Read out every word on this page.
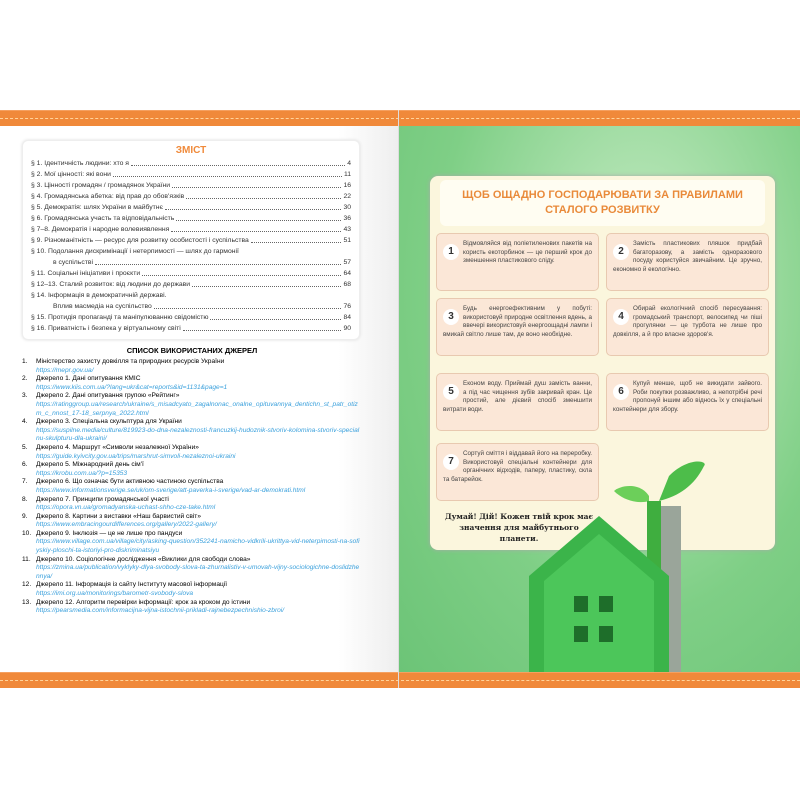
ЗМІСТ
§ 1. Ідентичність людини: хто я	4
§ 2. Мої цінності: які вони	11
§ 3. Цінності громадян / громадянок України	16
§ 4. Громадянська абетка: від прав до обов'язків	22
§ 5. Демократія: шлях України в майбутнє	30
§ 6. Громадянська участь та відповідальність	36
§ 7–8. Демократія і народне волевиявлення	43
§ 9. Різноманітність — ресурс для розвитку особистості і суспільства	51
§ 10. Подолання дискримінації і нетерпимості — шлях до гармонії
в суспільстві	57
§ 11. Соціальні ініціативи і проєкти	64
§ 12–13. Сталий розвиток: від людини до держави	68
§ 14. Інформація в демократичній державі.
Вплив масмедіа на суспільство	76
§ 15. Протидія пропаганді та маніпулюванню свідомістю	84
§ 16. Приватність і безпека у віртуальному світі	90
СПИСОК ВИКОРИСТАНИХ ДЖЕРЕЛ
1.	Міністерство захисту довкілля та природних ресурсів України
https://mepr.gov.ua/
2.	Джерело 1. Дані опитування КМІС
https://www.kiis.com.ua/?lang=ukr&cat=reports&id=1131&page=1
3.	Джерело 2. Дані опитування групою «Рейтинг»
https://ratinggroup.ua/research/ukraine/s_misadcyato_zagalnonac_onalne_opituvannya_dentichn_st_patr_otizm_c_nnost_17-18_serpnya_2022.html
4.	Джерело 3. Спеціальна скульптура для України
https://suspilne.media/culture/819923-do-dna-nezaleznosti-francuzkij-hudoznik-stvoriv-kolomina-stvoriv-specialnu-skulpturu-dla-ukraini/
5.	Джерело 4. Маршрут «Символи незалежної України»
https://guide.kyivcity.gov.ua/trips/marshrut-simvoli-nezaleznoi-ukraini
6.	Джерело 5. Міжнародний день сім'ї
https://krobu.com.ua/?p=15353
7.	Джерело 6. Що означає бути активною частиною суспільства
https://www.informationsverige.se/uk/om-sverige/att-paverka-i-sverige/vad-ar-demokrati.html
8.	Джерело 7. Принципи громадянської участі
https://opora.vn.ua/gromadyanska-uchast-shho-cze-take.html
9.	Джерело 8. Картини з виставки «Наш барвистий світ»
https://www.embracingourdifferences.org/gallery/2022-gallery/
10. Джерело 9. Інклюзія — це не лише про пандуси
https://www.village.com.ua/village/city/asking-question/352241-namicho-vidkrili-ukrittya-vid-neterpimosti-na-sofiyskiy-ploschi-ta-istoriyi-pro-diskriminatsiyu
11. Джерело 10. Соціологічне дослідження «Виклики для свободи слова»
https://zmina.ua/publication/vyklyky-dlya-svobody-slova-ta-zhurnalistiv-v-umovah-vijny-sociologichne-doslidzhennya/
12. Джерело 11. Інформація із сайту Інституту масової інформації
https://imi.org.ua/monitorings/barometr-svobody-slova
13. Джерело 12. Алгоритм перевірки інформації: крок за кроком до істини
https://pearsmedia.com/informacijna-vijna-istochnii-prikladi-rajnebezpechnishio-zbroi/
ЩОБ ОЩАДНО ГОСПОДАРЮВАТИ ЗА ПРАВИЛАМИ СТАЛОГО РОЗВИТКУ
1
Відмовляйся від поліетиленових пакетів на користь екоторбинок — це перший крок до зменшення пластикового сліду.
2
Замість пластикових пляшок придбай багаторазову, а замість одноразового посуду користуйся звичайним. Це зручно, економно й екологічно.
3
Будь енергоефективним у побуті: використовуй природне освітлення вдень, а ввечері використовуй енергоощадні лампи і вмикай світло лише там, де воно необхідне.
4
Обирай екологічний спосіб пересування: громадський транспорт, велосипед чи піші прогулянки — це турбота не лише про довкілля, а й про власне здоров'я.
5
Економ воду. Приймай душ замість ванни, а під час чищення зубів закривай кран. Це простий, але дієвий спосіб зменшити витрати води.
6
Купуй менше, щоб не викидати зайвого. Роби покупки розважливо, а непотрібні речі пропонуй іншим або віднось їх у спеціальні контейнери для збору.
7
Сортуй сміття і віддавай його на переробку. Використовуй спеціальні контейнери для органічних відходів, паперу, пластику, скла та батарейок.
Думай! Дій! Кожен твій крок має значення для майбутнього планети.
